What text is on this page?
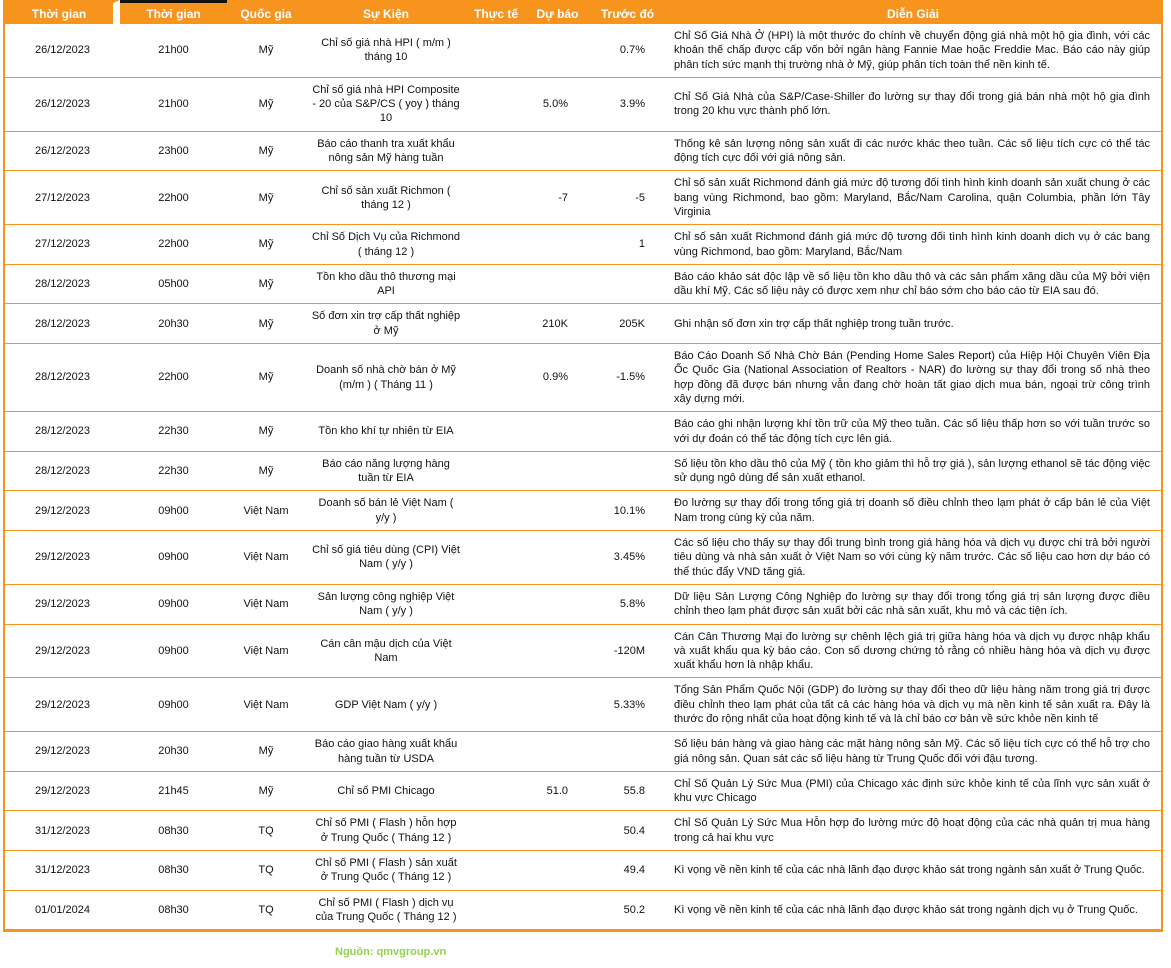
Thời gian	Thời gian	Quốc gia	Sự Kiện	Thực tế	Dự báo	Trước đó	Diễn Giải
26/12/2023	21h00	Mỹ	Chỉ số giá nhà HPI ( m/m ) tháng 10			0.7%	Chỉ Số Giá Nhà Ở (HPI) là một thước đo chính về chuyển động giá nhà một hộ gia đình, với các khoản thế chấp được cấp vốn bởi ngân hàng Fannie Mae hoặc Freddie Mac. Báo cáo này giúp phân tích sức mạnh thị trường nhà ở Mỹ, giúp phân tích toàn thể nền kinh tế.
26/12/2023	21h00	Mỹ	Chỉ số giá nhà HPI Composite - 20 của S&P/CS ( yoy ) tháng 10		5.0%	3.9%	Chỉ Số Giá Nhà của S&P/Case-Shiller đo lường sự thay đổi trong giá bán nhà một hộ gia đình trong 20 khu vực thành phố lớn.
26/12/2023	23h00	Mỹ	Báo cáo thanh tra xuất khẩu nông sản Mỹ hàng tuần				Thống kê sản lượng nông sản xuất đi các nước khác theo tuần. Các số liệu tích cực có thể tác động tích cực đối với giá nông sản.
27/12/2023	22h00	Mỹ	Chỉ số sản xuất Richmon ( tháng 12 )		-7	-5	Chỉ số sản xuất Richmond đánh giá mức độ tương đối tình hình kinh doanh sản xuất chung ở các bang vùng Richmond, bao gồm: Maryland, Bắc/Nam Carolina, quận Columbia, phần lớn Tây Virginia
27/12/2023	22h00	Mỹ	Chỉ Số Dịch Vụ của Richmond ( tháng 12 )			1	Chỉ số sản xuất Richmond đánh giá mức độ tương đối tình hình kinh doanh dich vụ ở các bang vùng Richmond, bao gồm: Maryland, Bắc/Nam
28/12/2023	05h00	Mỹ	Tồn kho dầu thô thương mại API				Báo cáo khảo sát độc lập về số liệu tồn kho dầu thô và các sản phẩm xăng dầu của Mỹ bởi viện dầu khí Mỹ. Các số liệu này có được xem như chỉ báo sớm cho báo cáo từ EIA sau đó.
28/12/2023	20h30	Mỹ	Số đơn xin trợ cấp thất nghiệp ở Mỹ		210K	205K	Ghi nhận số đơn xin trợ cấp thất nghiệp trong tuần trước.
28/12/2023	22h00	Mỹ	Doanh số nhà chờ bán ở Mỹ (m/m ) ( Tháng 11 )		0.9%	-1.5%	Báo Cáo Doanh Số Nhà Chờ Bán (Pending Home Sales Report) của Hiệp Hội Chuyên Viên Địa Ốc Quốc Gia (National Association of Realtors - NAR) đo lường sự thay đổi trong số nhà theo hợp đồng đã được bán nhưng vẫn đang chờ hoàn tất giao dịch mua bán, ngoại trừ công trình xây dựng mới.
28/12/2023	22h30	Mỹ	Tồn kho khí tự nhiên từ EIA				Báo cáo ghi nhận lượng khí tồn trữ của Mỹ theo tuần. Các số liệu thấp hơn so với tuần trước so với dự đoán có thể tác động tích cực lên giá.
28/12/2023	22h30	Mỹ	Báo cáo năng lượng hàng tuần từ EIA				Số liệu tồn kho dầu thô của Mỹ ( tồn kho giảm thì hỗ trợ giá ), sản lượng ethanol sẽ tác động việc sử dụng ngô dùng để sản xuất ethanol.
29/12/2023	09h00	Việt Nam	Doanh số bán lẻ Việt Nam ( y/y )			10.1%	Đo lường sự thay đổi trong tổng giá trị doanh số điều chỉnh theo lạm phát ở cấp bản lẻ của Việt Nam trong cùng kỳ của năm.
29/12/2023	09h00	Việt Nam	Chỉ số giá tiêu dùng (CPI) Việt Nam ( y/y )			3.45%	Các số liệu cho thấy sự thay đổi trung bình trong giá hàng hóa và dịch vụ được chi trả bởi người tiêu dùng và nhà sản xuất ở Việt Nam so với cùng kỳ năm trước. Các số liệu cao hơn dự báo có thể thúc đẩy VND tăng giá.
29/12/2023	09h00	Việt Nam	Sản lượng công nghiệp Việt Nam ( y/y )			5.8%	Dữ liệu Sản Lượng Công Nghiệp đo lường sự thay đổi trong tổng giá trị sản lượng được điều chỉnh theo lạm phát được sản xuất bởi các nhà sản xuất, khu mỏ và các tiện ích.
29/12/2023	09h00	Việt Nam	Cán cân mậu dịch của Việt Nam			-120M	Cán Cân Thương Mại đo lường sự chênh lệch giá trị giữa hàng hóa và dịch vụ được nhập khẩu và xuất khẩu qua kỳ báo cáo. Con số dương chứng tỏ rằng có nhiều hàng hóa và dịch vụ được xuất khẩu hơn là nhập khẩu.
29/12/2023	09h00	Việt Nam	GDP Việt Nam ( y/y )			5.33%	Tổng Sản Phẩm Quốc Nội (GDP) đo lường sự thay đổi theo dữ liệu hàng năm trong giá trị được điều chỉnh theo lạm phát của tất cả các hàng hóa và dịch vụ mà nền kinh tế sản xuất ra. Đây là thước đo rộng nhất của hoạt động kinh tế và là chỉ báo cơ bản về sức khỏe nền kinh tế
29/12/2023	20h30	Mỹ	Báo cáo giao hàng xuất khẩu hàng tuần từ USDA				Số liệu bán hàng và giao hàng các mặt hàng nông sản Mỹ. Các số liệu tích cực có thể hỗ trợ cho giá nông sản. Quan sát các số liệu hàng từ Trung Quốc đối với đậu tương.
29/12/2023	21h45	Mỹ	Chỉ số PMI Chicago		51.0	55.8	Chỉ Số Quản Lý Sức Mua (PMI) của Chicago xác định sức khỏe kinh tế của lĩnh vực sản xuất ở khu vực Chicago
31/12/2023	08h30	TQ	Chỉ số PMI ( Flash ) hỗn hợp ở Trung Quốc ( Tháng 12 )			50.4	Chỉ Số Quản Lý Sức Mua Hỗn hợp đo lường mức độ hoạt động của các nhà quản trị mua hàng trong cả hai khu vực
31/12/2023	08h30	TQ	Chỉ số PMI ( Flash ) sản xuất ở Trung Quốc ( Tháng 12 )			49.4	Kì vọng về nền kinh tế của các nhà lãnh đạo được khảo sát trong ngành sản xuất ở Trung Quốc.
01/01/2024	08h30	TQ	Chỉ số PMI ( Flash ) dịch vụ của Trung Quốc ( Tháng 12 )			50.2	Kì vọng về nền kinh tế của các nhà lãnh đạo được khảo sát trong ngành dịch vụ ở Trung Quốc.
Nguồn: qmvgroup.vn
